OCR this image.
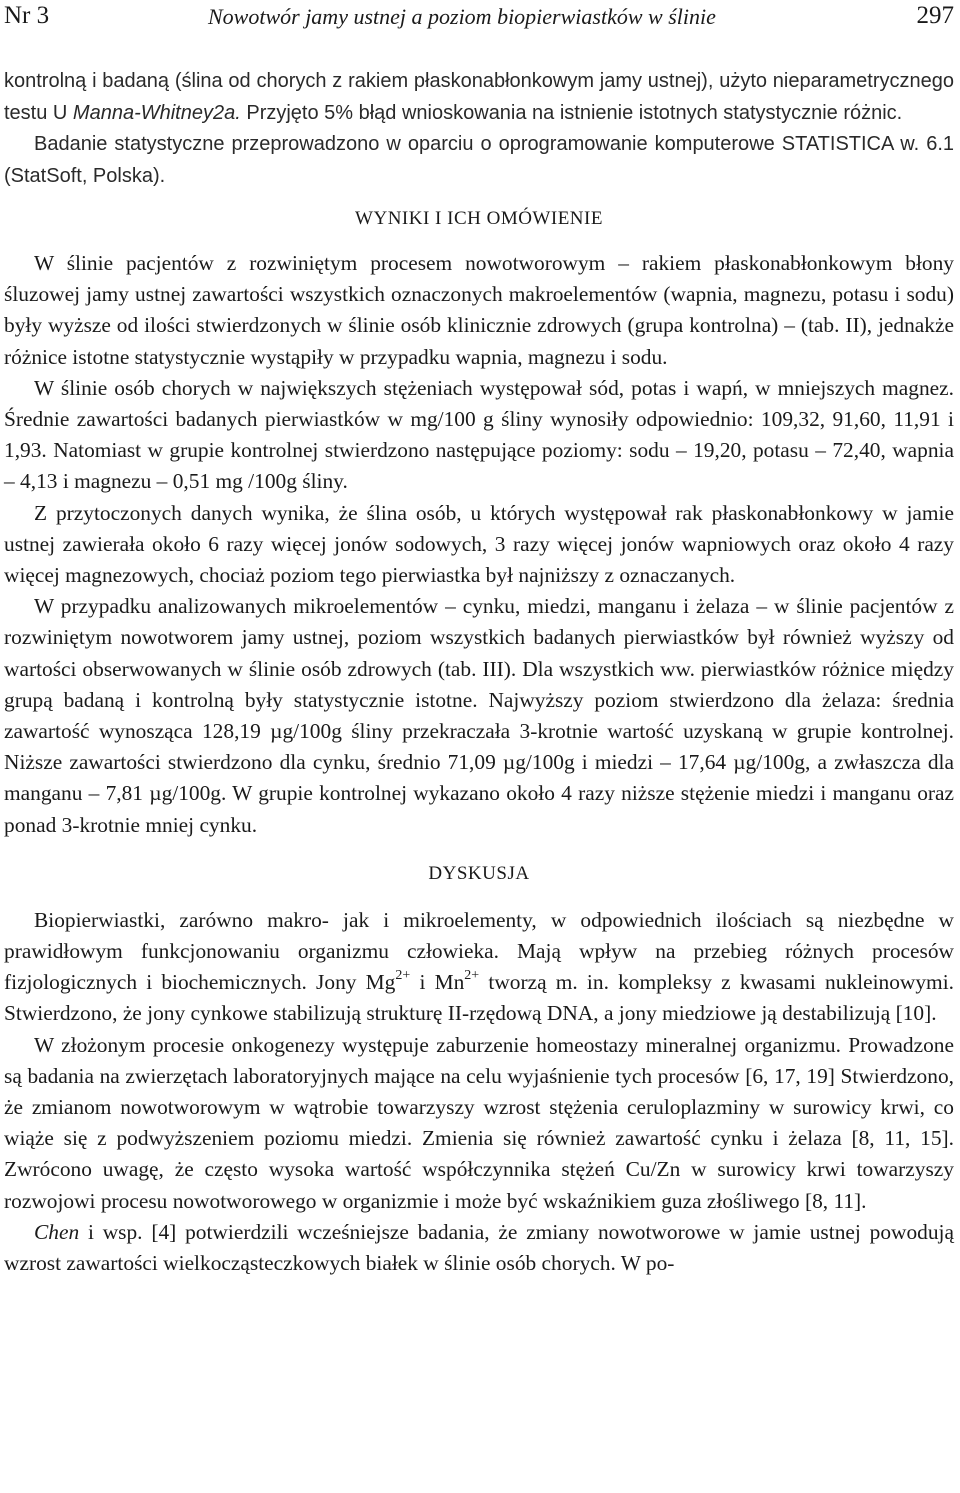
Nr 3	Nowotwór jamy ustnej a poziom biopierwiastków w ślinie	297

kontrolną i badaną (ślina od chorych z rakiem płaskonabłonkowym jamy ustnej), użyto nieparametrycznego testu U Manna-Whitney2a. Przyjęto 5% błąd wnioskowania na istnienie istotnych statystycznie różnic.

Badanie statystyczne przeprowadzono w oparciu o oprogramowanie komputerowe STATISTICA w. 6.1 (StatSoft, Polska).

WYNIKI I ICH OMÓWIENIE

W ślinie pacjentów z rozwiniętym procesem nowotworowym – rakiem płaskonabłonkowym błony śluzowej jamy ustnej zawartości wszystkich oznaczonych makroelementów (wapnia, magnezu, potasu i sodu) były wyższe od ilości stwierdzonych w ślinie osób klinicznie zdrowych (grupa kontrolna) – (tab. II), jednakże różnice istotne statystycznie wystąpiły w przypadku wapnia, magnezu i sodu.

W ślinie osób chorych w największych stężeniach występował sód, potas i wapń, w mniejszych magnez. Średnie zawartości badanych pierwiastków w mg/100 g śliny wynosiły odpowiednio: 109,32, 91,60, 11,91 i 1,93. Natomiast w grupie kontrolnej stwierdzono następujące poziomy: sodu – 19,20, potasu – 72,40, wapnia – 4,13 i magnezu – 0,51 mg /100g śliny.

Z przytoczonych danych wynika, że ślina osób, u których występował rak płaskonabłonkowy w jamie ustnej zawierała około 6 razy więcej jonów sodowych, 3 razy więcej jonów wapniowych oraz około 4 razy więcej magnezowych, chociaż poziom tego pierwiastka był najniższy z oznaczanych.

W przypadku analizowanych mikroelementów – cynku, miedzi, manganu i żelaza – w ślinie pacjentów z rozwiniętym nowotworem jamy ustnej, poziom wszystkich badanych pierwiastków był również wyższy od wartości obserwowanych w ślinie osób zdrowych (tab. III). Dla wszystkich ww. pierwiastków różnice między grupą badaną i kontrolną były statystycznie istotne. Najwyższy poziom stwierdzono dla żelaza: średnia zawartość wynosząca 128,19 µg/100g śliny przekraczała 3-krotnie wartość uzyskaną w grupie kontrolnej. Niższe zawartości stwierdzono dla cynku, średnio 71,09 µg/100g i miedzi – 17,64 µg/100g, a zwłaszcza dla manganu – 7,81 µg/100g. W grupie kontrolnej wykazano około 4 razy niższe stężenie miedzi i manganu oraz ponad 3-krotnie mniej cynku.

DYSKUSJA

Biopierwiastki, zarówno makro- jak i mikroelementy, w odpowiednich ilościach są niezbędne w prawidłowym funkcjonowaniu organizmu człowieka. Mają wpływ na przebieg różnych procesów fizjologicznych i biochemicznych. Jony $Mg^{2+}$ i $Mn^{2+}$ tworzą m. in. kompleksy z kwasami nukleinowymi. Stwierdzono, że jony cynkowe stabilizują strukturę II-rzędową DNA, a jony miedziowe ją destabilizują [10].

W złożonym procesie onkogenezy występuje zaburzenie homeostazy mineralnej organizmu. Prowadzone są badania na zwierzętach laboratoryjnych mające na celu wyjaśnienie tych procesów [6, 17, 19] Stwierdzono, że zmianom nowotworowym w wątrobie towarzyszy wzrost stężenia ceruloplazminy w surowicy krwi, co wiąże się z podwyższeniem poziomu miedzi. Zmienia się również zawartość cynku i żelaza [8, 11, 15]. Zwrócono uwagę, że często wysoka wartość współczynnika stężeń Cu/Zn w surowicy krwi towarzyszy rozwojowi procesu nowotworowego w organizmie i może być wskaźnikiem guza złośliwego [8, 11].

Chen i wsp. [4] potwierdzili wcześniejsze badania, że zmiany nowotworowe w jamie ustnej powodują wzrost zawartości wielkocząsteczkowych białek w ślinie osób chorych. W po-
